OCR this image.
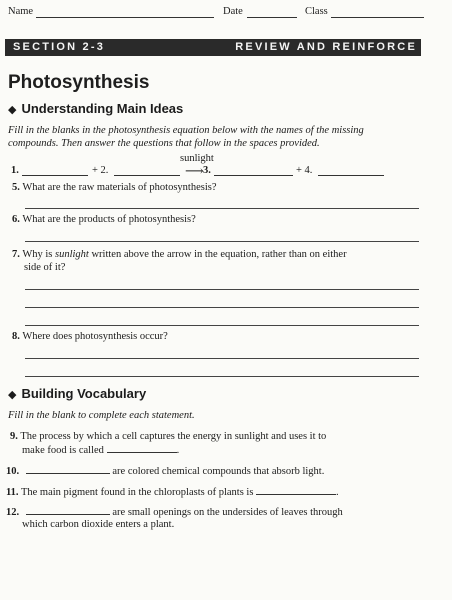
Name	Date	Class
SECTION 2-3	REVIEW AND REINFORCE
Photosynthesis
◆ Understanding Main Ideas
Fill in the blanks in the photosynthesis equation below with the names of the missing
compounds. Then answer the questions that follow in the spaces provided.
sunlight
1.	+ 2.	⟶ 3.	+ 4.
5. What are the raw materials of photosynthesis?
6. What are the products of photosynthesis?
7. Why is sunlight written above the arrow in the equation, rather than on either
side of it?
8. Where does photosynthesis occur?
◆ Building Vocabulary
Fill in the blank to complete each statement.
9. The process by which a cell captures the energy in sunlight and uses it to
make food is called	.
10.	are colored chemical compounds that absorb light.
11. The main pigment found in the chloroplasts of plants is	.
12.	are small openings on the undersides of leaves through
which carbon dioxide enters a plant.
